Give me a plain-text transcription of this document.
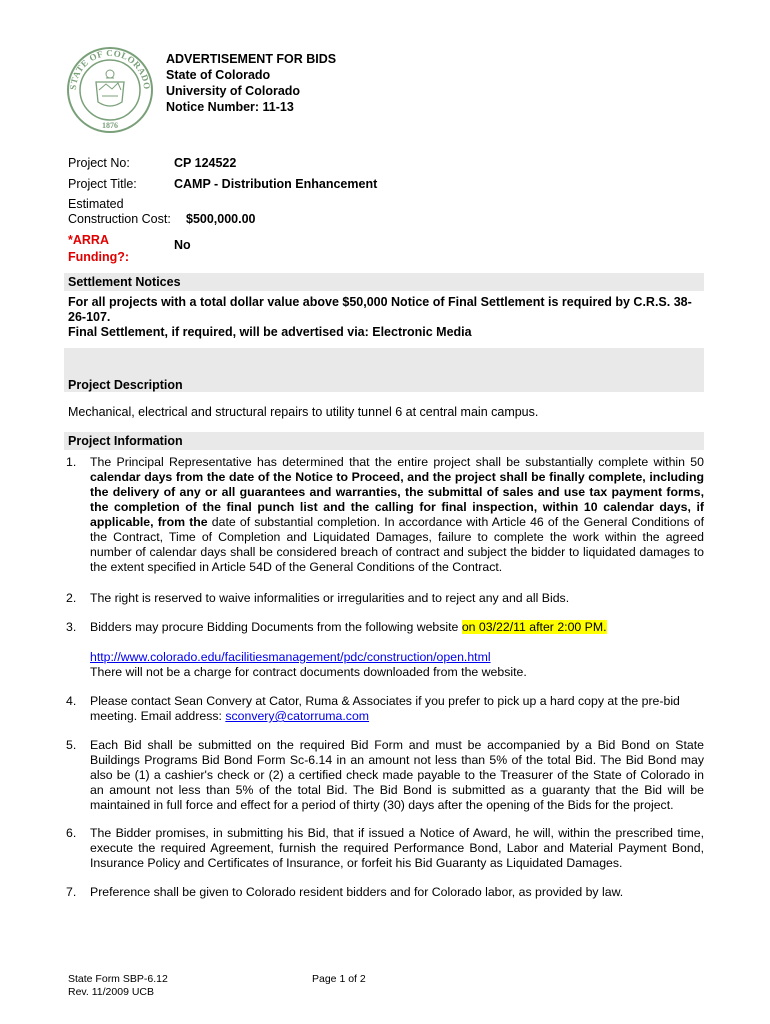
STATE OF COLORADO
1876
ADVERTISEMENT FOR BIDS
State of Colorado
University of Colorado
Notice Number: 11-13
Project No:	CP 124522
Project Title:	CAMP - Distribution Enhancement
Estimated
Construction Cost: $500,000.00
*ARRA
Funding?:
No
Settlement Notices
For all projects with a total dollar value above $50,000 Notice of Final Settlement is required by C.R.S. 38-
26-107.
Final Settlement, if required, will be advertised via: Electronic Media
Project Description
Mechanical, electrical and structural repairs to utility tunnel 6 at central main campus.
Project Information
1.	The Principal Representative has determined that the entire project shall be substantially complete within 50 calendar days from the date of the Notice to Proceed, and the project shall be finally complete, including the delivery of any or all guarantees and warranties, the submittal of sales and use tax payment forms, the completion of the final punch list and the calling for final inspection, within 10 calendar days, if applicable, from the date of substantial completion. In accordance with Article 46 of the General Conditions of the Contract, Time of Completion and Liquidated Damages, failure to complete the work within the agreed number of calendar days shall be considered breach of contract and subject the bidder to liquidated damages to the extent specified in Article 54D of the General Conditions of the Contract.
2.	The right is reserved to waive informalities or irregularities and to reject any and all Bids.
3.	Bidders may procure Bidding Documents from the following website on 03/22/11 after 2:00 PM.
http://www.colorado.edu/facilitiesmanagement/pdc/construction/open.html
There will not be a charge for contract documents downloaded from the website.
4.	Please contact Sean Convery at Cator, Ruma & Associates if you prefer to pick up a hard copy at the pre-bid meeting. Email address: sconvery@catorruma.com
5.	Each Bid shall be submitted on the required Bid Form and must be accompanied by a Bid Bond on State Buildings Programs Bid Bond Form Sc-6.14 in an amount not less than 5% of the total Bid. The Bid Bond may also be (1) a cashier's check or (2) a certified check made payable to the Treasurer of the State of Colorado in an amount not less than 5% of the total Bid. The Bid Bond is submitted as a guaranty that the Bid will be maintained in full force and effect for a period of thirty (30) days after the opening of the Bids for the project.
6.	The Bidder promises, in submitting his Bid, that if issued a Notice of Award, he will, within the prescribed time, execute the required Agreement, furnish the required Performance Bond, Labor and Material Payment Bond, Insurance Policy and Certificates of Insurance, or forfeit his Bid Guaranty as Liquidated Damages.
7.	Preference shall be given to Colorado resident bidders and for Colorado labor, as provided by law.
State Form SBP-6.12
Rev. 11/2009 UCB
Page 1 of 2
